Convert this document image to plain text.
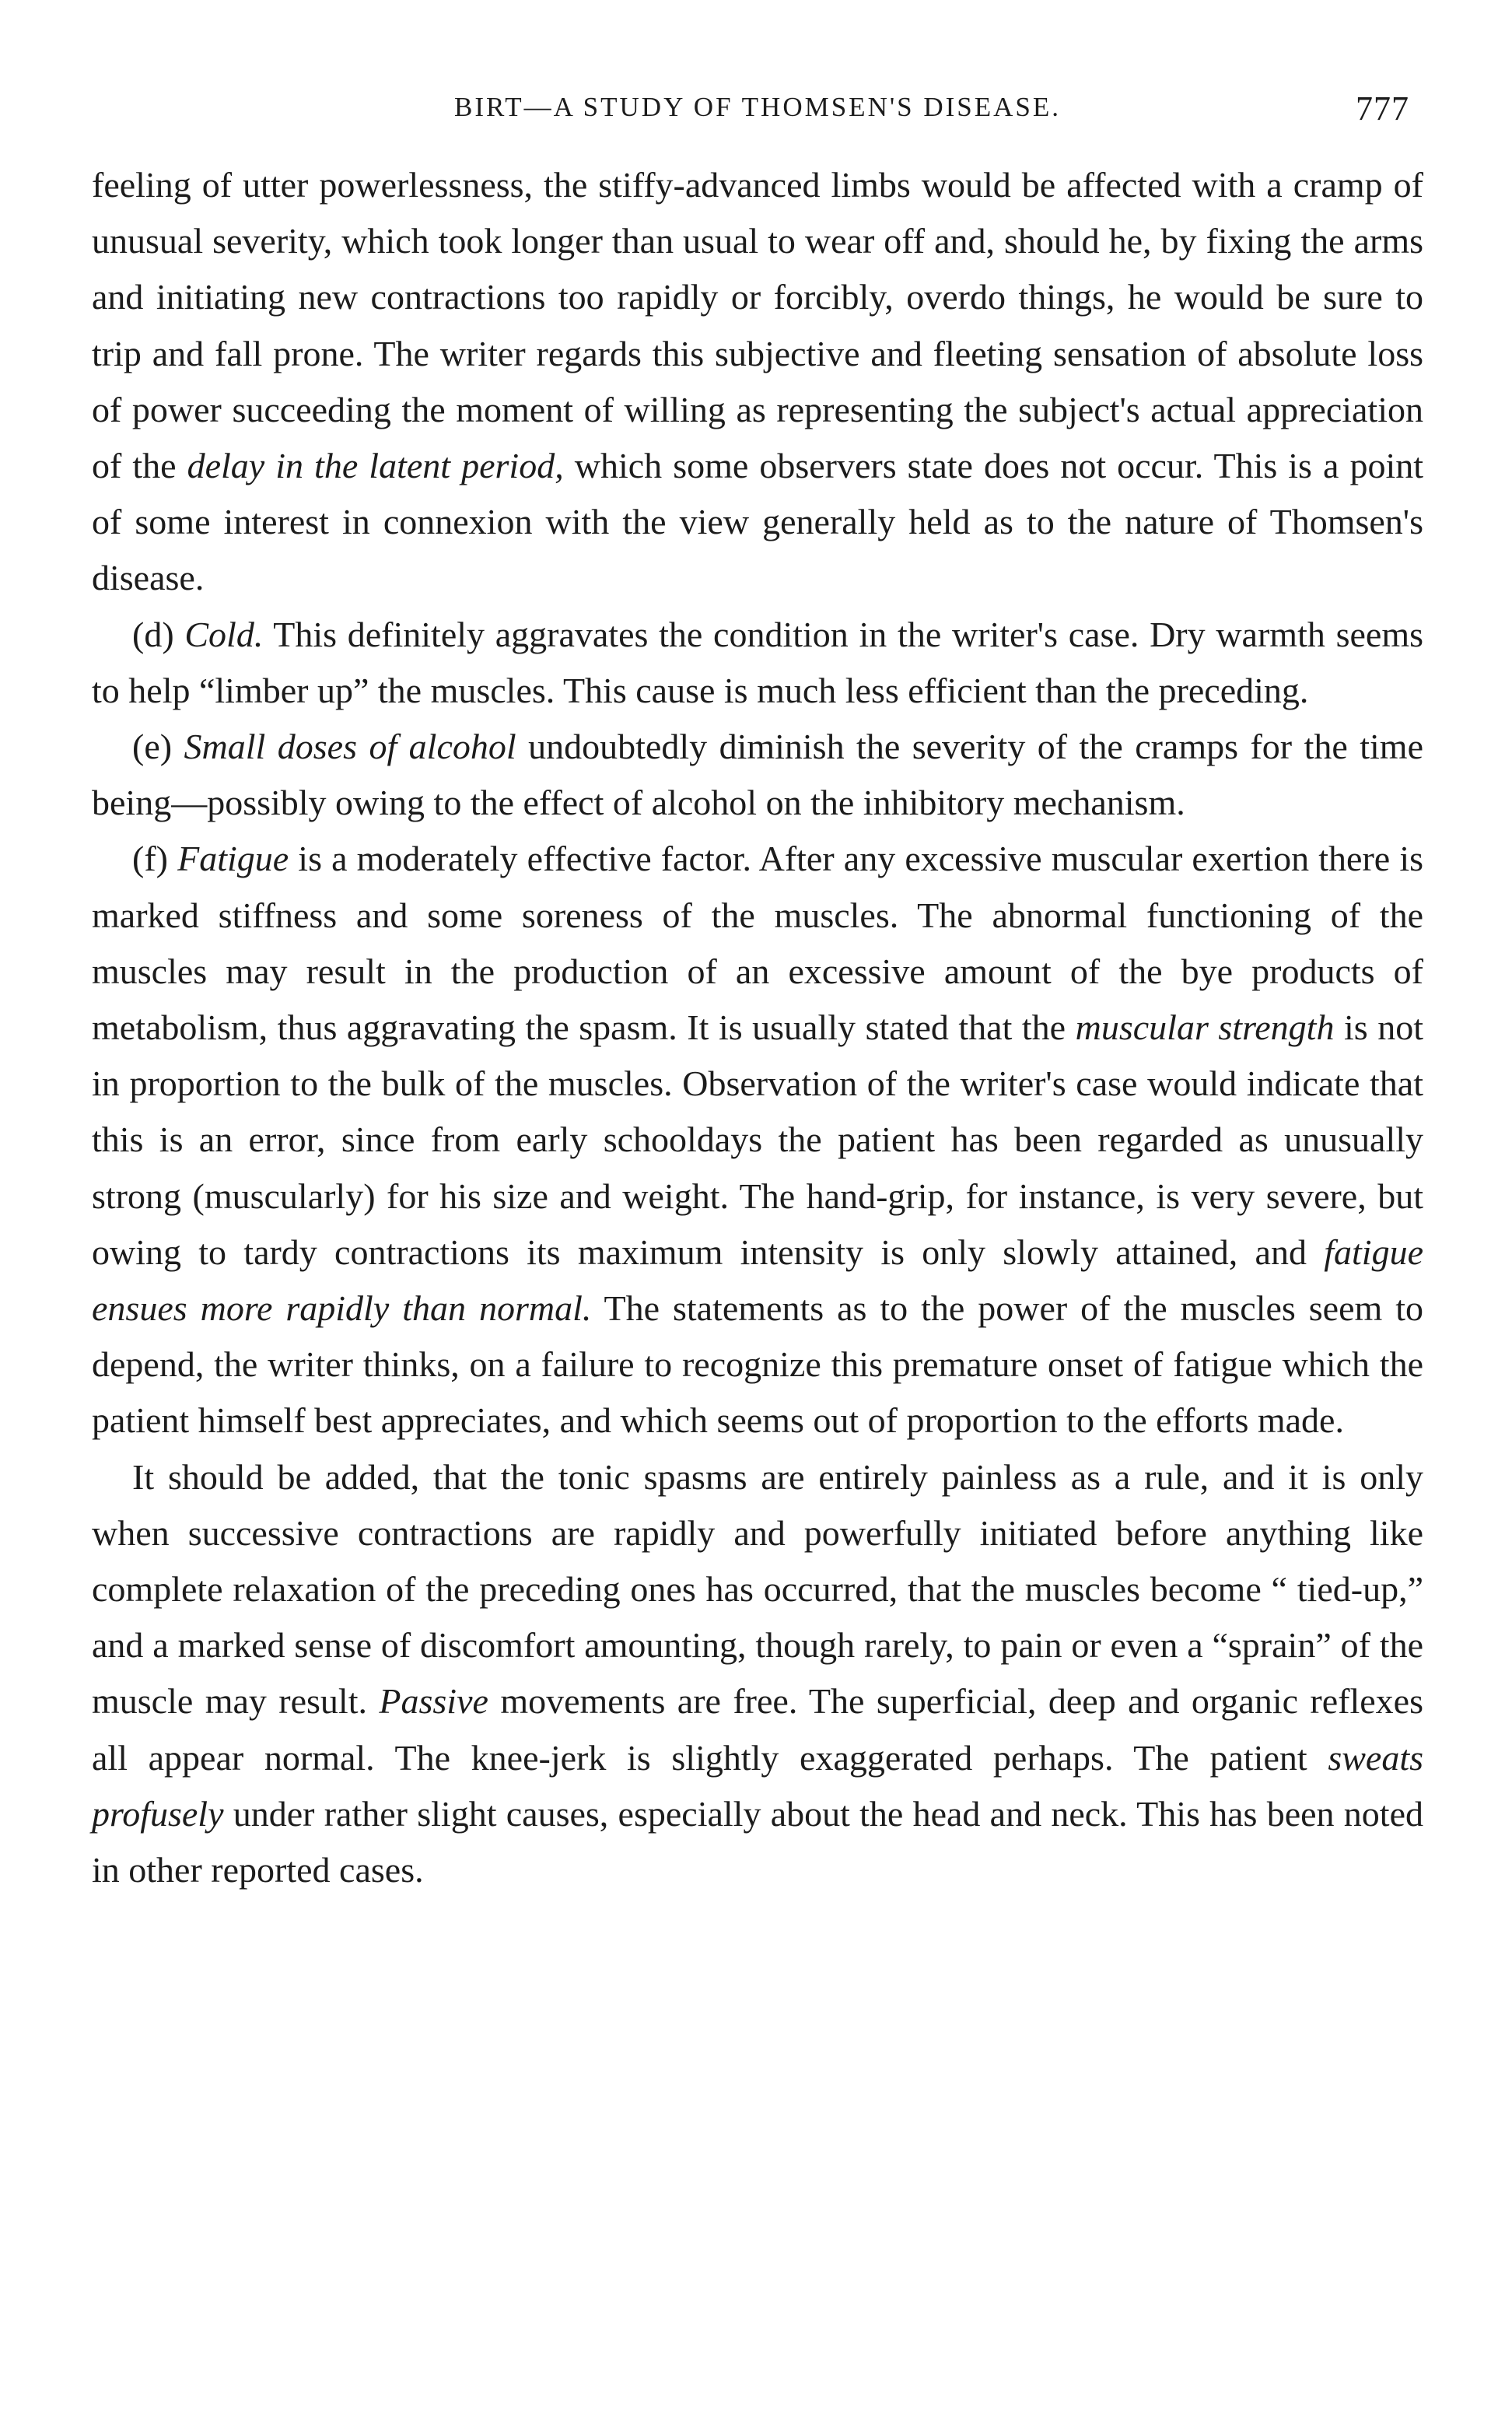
BIRT—A STUDY OF THOMSEN'S DISEASE.	777

feeling of utter powerlessness, the stiffy-advanced limbs would be affected with a cramp of unusual severity, which took longer than usual to wear off and, should he, by fixing the arms and initiating new contractions too rapidly or forcibly, overdo things, he would be sure to trip and fall prone. The writer regards this subjective and fleeting sensation of absolute loss of power succeeding the moment of willing as representing the subject's actual appreciation of the delay in the latent period, which some observers state does not occur. This is a point of some interest in connexion with the view generally held as to the nature of Thomsen's disease.

(d) Cold. This definitely aggravates the condition in the writer's case. Dry warmth seems to help “limber up” the muscles. This cause is much less efficient than the preceding.

(e) Small doses of alcohol undoubtedly diminish the severity of the cramps for the time being—possibly owing to the effect of alcohol on the inhibitory mechanism.

(f) Fatigue is a moderately effective factor. After any excessive muscular exertion there is marked stiffness and some soreness of the muscles. The abnormal functioning of the muscles may result in the production of an excessive amount of the bye products of metabolism, thus aggravating the spasm. It is usually stated that the muscular strength is not in proportion to the bulk of the muscles. Observation of the writer's case would indicate that this is an error, since from early schooldays the patient has been regarded as unusually strong (muscularly) for his size and weight. The hand-grip, for instance, is very severe, but owing to tardy contractions its maximum intensity is only slowly attained, and fatigue ensues more rapidly than normal. The statements as to the power of the muscles seem to depend, the writer thinks, on a failure to recognize this premature onset of fatigue which the patient himself best appreciates, and which seems out of proportion to the efforts made.

It should be added, that the tonic spasms are entirely painless as a rule, and it is only when successive contractions are rapidly and powerfully initiated before anything like complete relaxation of the preceding ones has occurred, that the muscles become “ tied-up,” and a marked sense of discomfort amounting, though rarely, to pain or even a “sprain” of the muscle may result. Passive movements are free. The superficial, deep and organic reflexes all appear normal. The knee-jerk is slightly exaggerated perhaps. The patient sweats profusely under rather slight causes, especially about the head and neck. This has been noted in other reported cases.
